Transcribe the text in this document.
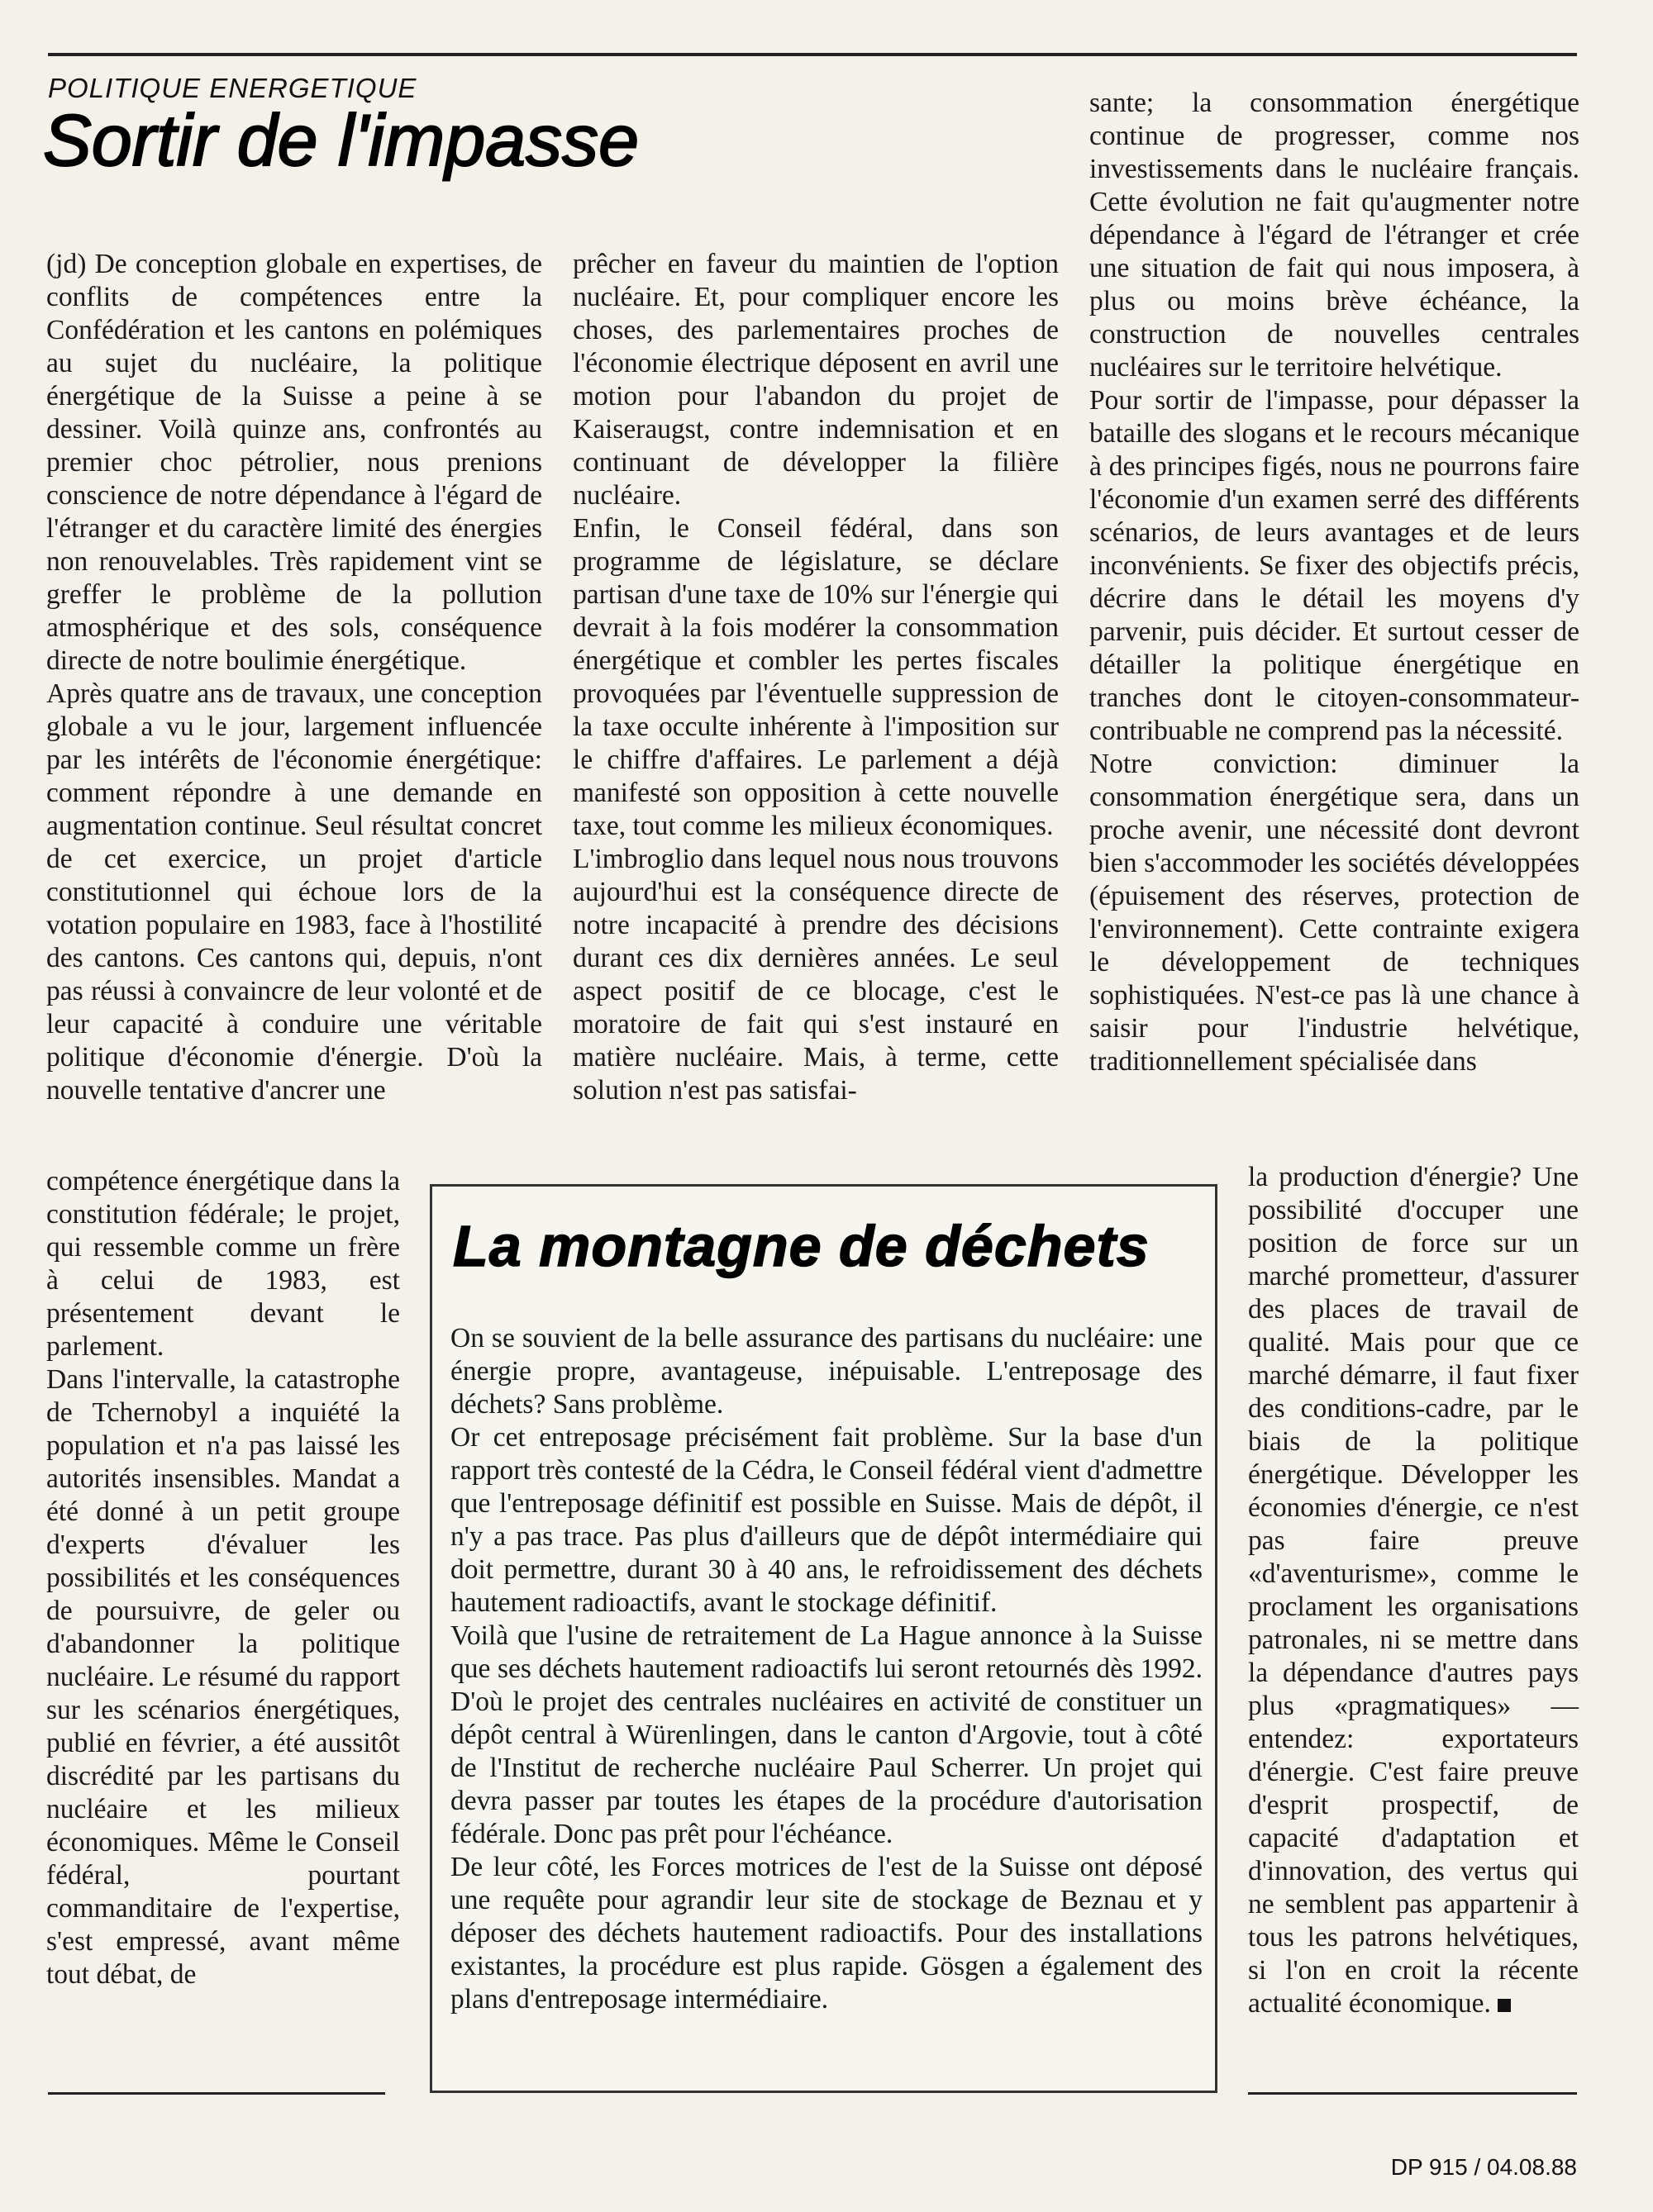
POLITIQUE ENERGETIQUE
Sortir de l'impasse

(jd) De conception globale en expertises, de conflits de compétences entre la Confédération et les cantons en polémiques au sujet du nucléaire, la politique énergétique de la Suisse a peine à se dessiner. Voilà quinze ans, confrontés au premier choc pétrolier, nous prenions conscience de notre dépendance à l'égard de l'étranger et du caractère limité des énergies non renouvelables. Très rapidement vint se greffer le problème de la pollution atmosphérique et des sols, conséquence directe de notre boulimie énergétique.

Après quatre ans de travaux, une conception globale a vu le jour, largement influencée par les intérêts de l'économie énergétique: comment répondre à une demande en augmentation continue. Seul résultat concret de cet exercice, un projet d'article constitutionnel qui échoue lors de la votation populaire en 1983, face à l'hostilité des cantons. Ces cantons qui, depuis, n'ont pas réussi à convaincre de leur volonté et de leur capacité à conduire une véritable politique d'économie d'énergie. D'où la nouvelle tentative d'ancrer une

compétence énergétique dans la constitution fédérale; le projet, qui ressemble comme un frère à celui de 1983, est présentement devant le parlement.

Dans l'intervalle, la catastrophe de Tchernobyl a inquiété la population et n'a pas laissé les autorités insensibles. Mandat a été donné à un petit groupe d'experts d'évaluer les possibilités et les conséquences de poursuivre, de geler ou d'abandonner la politique nucléaire. Le résumé du rapport sur les scénarios énergétiques, publié en février, a été aussitôt discrédité par les partisans du nucléaire et les milieux économiques. Même le Conseil fédéral, pourtant commanditaire de l'expertise, s'est empressé, avant même tout débat, de

prêcher en faveur du maintien de l'option nucléaire. Et, pour compliquer encore les choses, des parlementaires proches de l'économie électrique déposent en avril une motion pour l'abandon du projet de Kaiseraugst, contre indemnisation et en continuant de développer la filière nucléaire.

Enfin, le Conseil fédéral, dans son programme de législature, se déclare partisan d'une taxe de 10% sur l'énergie qui devrait à la fois modérer la consommation énergétique et combler les pertes fiscales provoquées par l'éventuelle suppression de la taxe occulte inhérente à l'imposition sur le chiffre d'affaires. Le parlement a déjà manifesté son opposition à cette nouvelle taxe, tout comme les milieux économiques.

L'imbroglio dans lequel nous nous trouvons aujourd'hui est la conséquence directe de notre incapacité à prendre des décisions durant ces dix dernières années. Le seul aspect positif de ce blocage, c'est le moratoire de fait qui s'est instauré en matière nucléaire. Mais, à terme, cette solution n'est pas satisfai-

sante; la consommation énergétique continue de progresser, comme nos investissements dans le nucléaire français. Cette évolution ne fait qu'augmenter notre dépendance à l'égard de l'étranger et crée une situation de fait qui nous imposera, à plus ou moins brève échéance, la construction de nouvelles centrales nucléaires sur le territoire helvétique.

Pour sortir de l'impasse, pour dépasser la bataille des slogans et le recours mécanique à des principes figés, nous ne pourrons faire l'économie d'un examen serré des différents scénarios, de leurs avantages et de leurs inconvénients. Se fixer des objectifs précis, décrire dans le détail les moyens d'y parvenir, puis décider. Et surtout cesser de détailler la politique énergétique en tranches dont le citoyen-consommateur-contribuable ne comprend pas la nécessité.

Notre conviction: diminuer la consommation énergétique sera, dans un proche avenir, une nécessité dont devront bien s'accommoder les sociétés développées (épuisement des réserves, protection de l'environnement). Cette contrainte exigera le développement de techniques sophistiquées. N'est-ce pas là une chance à saisir pour l'industrie helvétique, traditionnellement spécialisée dans

la production d'énergie? Une possibilité d'occuper une position de force sur un marché prometteur, d'assurer des places de travail de qualité. Mais pour que ce marché démarre, il faut fixer des conditions-cadre, par le biais de la politique énergétique. Développer les économies d'énergie, ce n'est pas faire preuve «d'aventurisme», comme le proclament les organisations patronales, ni se mettre dans la dépendance d'autres pays plus «pragmatiques» — entendez: exportateurs d'énergie. C'est faire preuve d'esprit prospectif, de capacité d'adaptation et d'innovation, des vertus qui ne semblent pas appartenir à tous les patrons helvétiques, si l'on en croit la récente actualité économique.

La montagne de déchets

On se souvient de la belle assurance des partisans du nucléaire: une énergie propre, avantageuse, inépuisable. L'entreposage des déchets? Sans problème.

Or cet entreposage précisément fait problème. Sur la base d'un rapport très contesté de la Cédra, le Conseil fédéral vient d'admettre que l'entreposage définitif est possible en Suisse. Mais de dépôt, il n'y a pas trace. Pas plus d'ailleurs que de dépôt intermédiaire qui doit permettre, durant 30 à 40 ans, le refroidissement des déchets hautement radioactifs, avant le stockage définitif.

Voilà que l'usine de retraitement de La Hague annonce à la Suisse que ses déchets hautement radioactifs lui seront retournés dès 1992. D'où le projet des centrales nucléaires en activité de constituer un dépôt central à Würenlingen, dans le canton d'Argovie, tout à côté de l'Institut de recherche nucléaire Paul Scherrer. Un projet qui devra passer par toutes les étapes de la procédure d'autorisation fédérale. Donc pas prêt pour l'échéance.

De leur côté, les Forces motrices de l'est de la Suisse ont déposé une requête pour agrandir leur site de stockage de Beznau et y déposer des déchets hautement radioactifs. Pour des installations existantes, la procédure est plus rapide. Gösgen a également des plans d'entreposage intermédiaire.

DP 915 / 04.08.88
